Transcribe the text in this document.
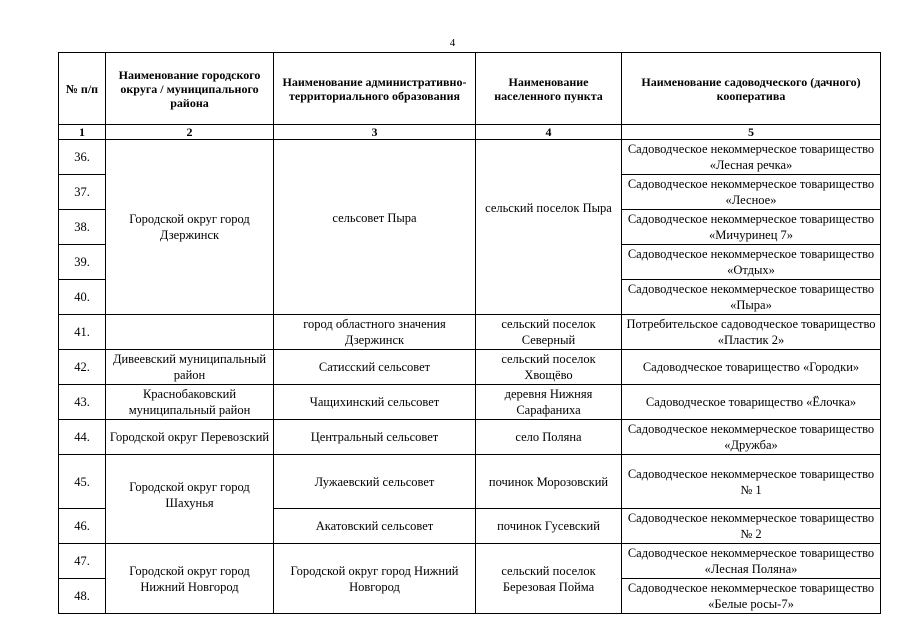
4
№ п/п	Наименование городского округа / муниципального района	Наименование административно-территориального образования	Наименование населенного пункта	Наименование садоводческого (дачного) кооператива
1	2	3	4	5
36.	Городской округ город Дзержинск	сельсовет Пыра	сельский поселок Пыра	Садоводческое некоммерческое товарищество «Лесная речка»
37.				Садоводческое некоммерческое товарищество «Лесное»
38.				Садоводческое некоммерческое товарищество «Мичуринец 7»
39.				Садоводческое некоммерческое товарищество «Отдых»
40.				Садоводческое некоммерческое товарищество «Пыра»
41.		город областного значения Дзержинск	сельский поселок Северный	Потребительское садоводческое товарищество «Пластик 2»
42.	Дивеевский муниципальный район	Сатисский сельсовет	сельский поселок Хвощёво	Садоводческое товарищество «Городки»
43.	Краснобаковский муниципальный район	Чащихинский сельсовет	деревня Нижняя Сарафаниха	Садоводческое товарищество «Ёлочка»
44.	Городской округ Перевозский	Центральный сельсовет	село Поляна	Садоводческое некоммерческое товарищество «Дружба»
45.	Городской округ город Шахунья	Лужаевский сельсовет	починок Морозовский	Садоводческое некоммерческое товарищество № 1
46.		Акатовский сельсовет	починок Гусевский	Садоводческое некоммерческое товарищество № 2
47.	Городской округ город Нижний Новгород	Городской округ город Нижний Новгород	сельский поселок Березовая Пойма	Садоводческое некоммерческое товарищество «Лесная Поляна»
48.				Садоводческое некоммерческое товарищество «Белые росы-7»
